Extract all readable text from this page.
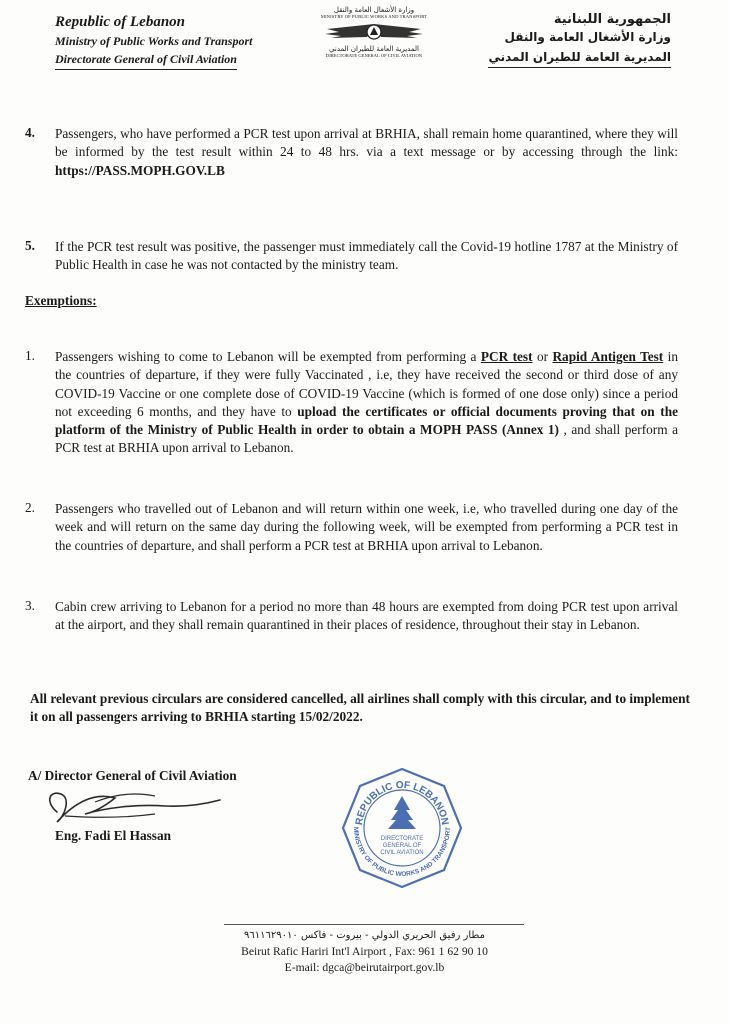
Republic of Lebanon
Ministry of Public Works and Transport
Directorate General of Civil Aviation
وزارة الأشغال العامة والنقل
MINISTRY OF PUBLIC WORKS AND TRANSPORT
المديرية العامة للطيران المدني
DIRECTORATE GENERAL OF CIVIL AVIATION
الجمهورية اللبنانية
وزارة الأشغال العامة والنقل
المديرية العامة للطيران المدني
4. Passengers, who have performed a PCR test upon arrival at BRHIA, shall remain home quarantined, where they will be informed by the test result within 24 to 48 hrs. via a text message or by accessing through the link: https://PASS.MOPH.GOV.LB
5. If the PCR test result was positive, the passenger must immediately call the Covid-19 hotline 1787 at the Ministry of Public Health in case he was not contacted by the ministry team.
Exemptions:
1. Passengers wishing to come to Lebanon will be exempted from performing a PCR test or Rapid Antigen Test in the countries of departure, if they were fully Vaccinated , i.e, they have received the second or third dose of any COVID-19 Vaccine or one complete dose of COVID-19 Vaccine (which is formed of one dose only) since a period not exceeding 6 months, and they have to upload the certificates or official documents proving that on the platform of the Ministry of Public Health in order to obtain a MOPH PASS (Annex 1) , and shall perform a PCR test at BRHIA upon arrival to Lebanon.
2. Passengers who travelled out of Lebanon and will return within one week, i.e, who travelled during one day of the week and will return on the same day during the following week, will be exempted from performing a PCR test in the countries of departure, and shall perform a PCR test at BRHIA upon arrival to Lebanon.
3. Cabin crew arriving to Lebanon for a period no more than 48 hours are exempted from doing PCR test upon arrival at the airport, and they shall remain quarantined in their places of residence, throughout their stay in Lebanon.
All relevant previous circulars are considered cancelled, all airlines shall comply with this circular, and to implement it on all passengers arriving to BRHIA starting 15/02/2022.
A/ Director General of Civil Aviation
Eng. Fadi El Hassan
REPUBLIC OF LEBANON
MINISTRY OF PUBLIC WORKS AND TRANSPORT
DIRECTORATE
GENERAL OF
CIVIL AVIATION
مطار رفيق الحريري الدولي - بيروت - فاكس ٩٦١١٦٢٩٠١٠
Beirut Rafic Hariri Int'l Airport , Fax: 961 1 62 90 10
E-mail: dgca@beirutairport.gov.lb
